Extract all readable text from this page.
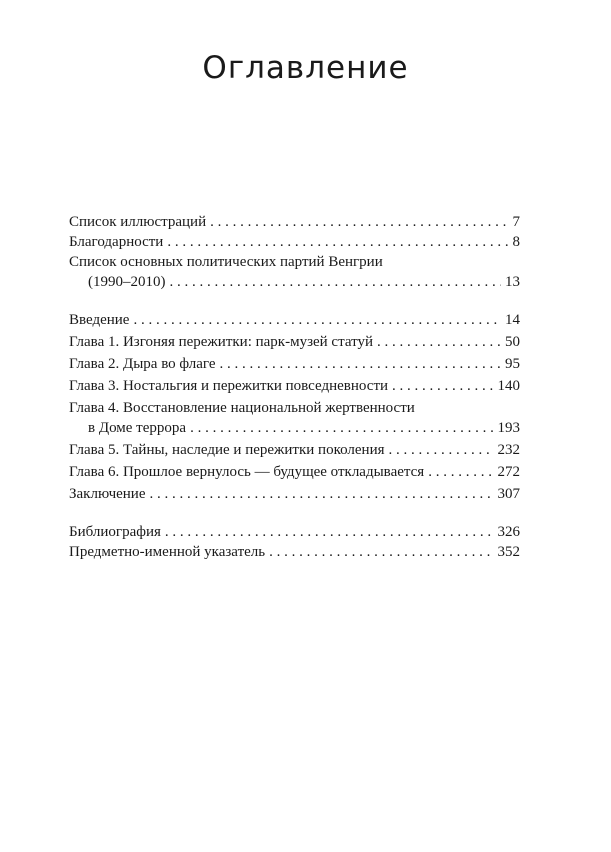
Оглавление
Список иллюстраций . . .	7
Благодарности . . .	8
Список основных политических партий Венгрии
(1990–2010) . . .	13
Введение . . .	14
Глава 1. Изгоняя пережитки: парк-музей статуй . . .	50
Глава 2. Дыра во флаге . . .	95
Глава 3. Ностальгия и пережитки повседневности . . .	140
Глава 4. Восстановление национальной жертвенности
в Доме террора . . .	193
Глава 5. Тайны, наследие и пережитки поколения . . .	232
Глава 6. Прошлое вернулось — будущее откладывается . . .	272
Заключение . . .	307
Библиография . . .	326
Предметно-именной указатель . . .	352
